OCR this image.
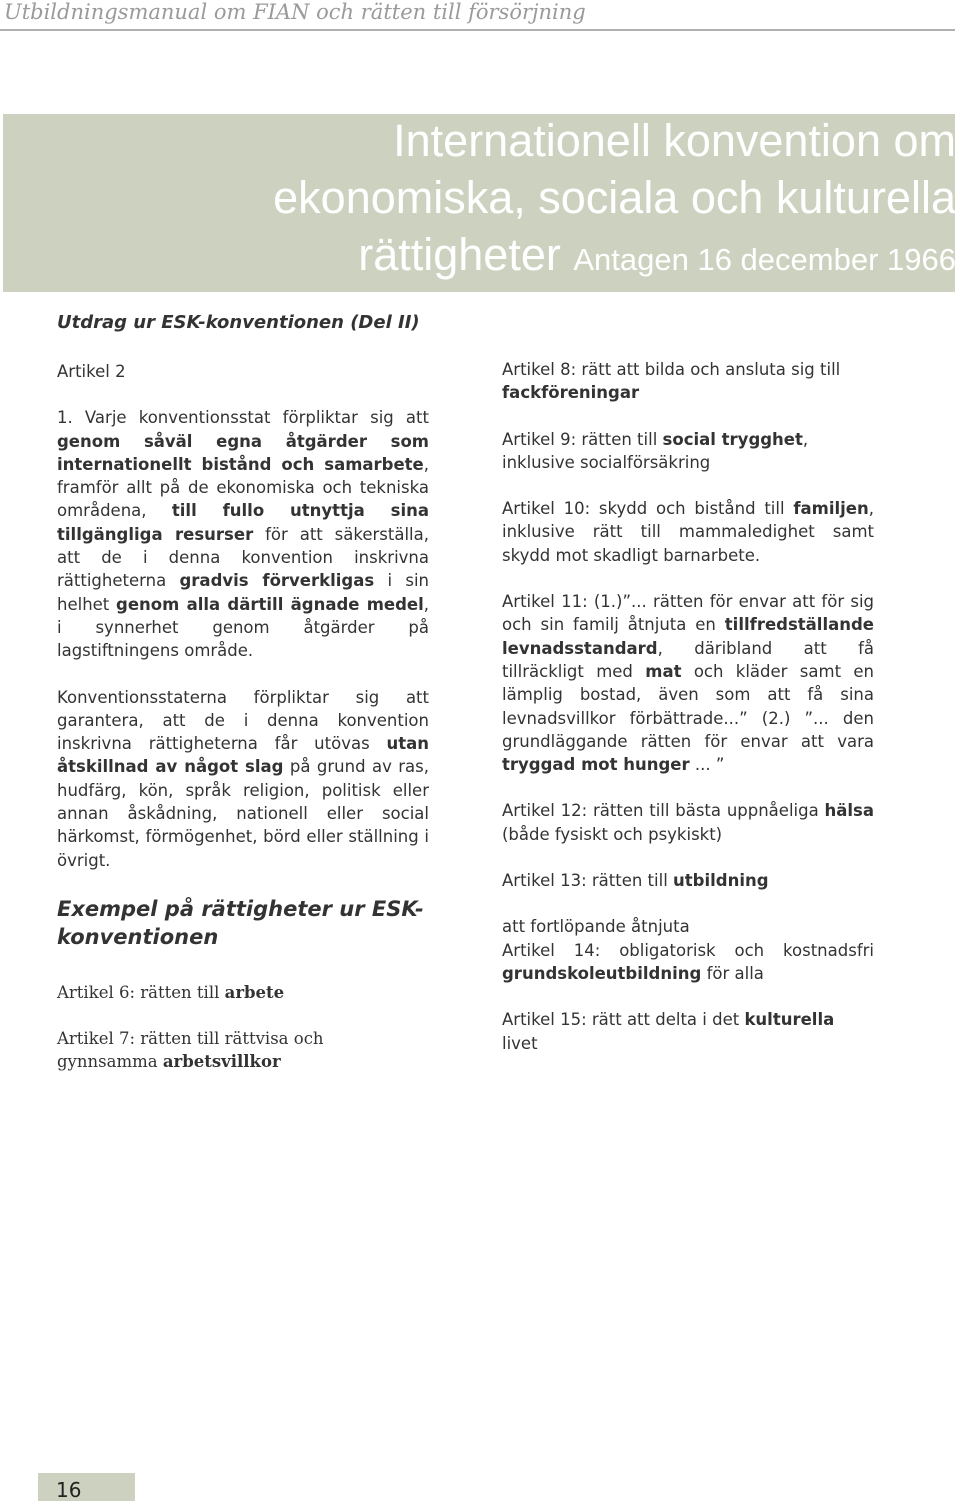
Utbildningsmanual om FIAN och rätten till försörjning
Internationell konvention om
ekonomiska, sociala och kulturella
rättigheter Antagen 16 december 1966
Utdrag ur ESK-konventionen (Del II)

Artikel 2

1. Varje konventionsstat förpliktar sig att genom såväl egna åtgärder som internationellt bistånd och samarbete, framför allt på de ekonomiska och tekniska områdena, till fullo utnyttja sina tillgängliga resurser för att säkerställa, att de i denna konvention inskrivna rättigheterna gradvis förverkligas i sin helhet genom alla därtill ägnade medel, i synnerhet genom åtgärder på lagstiftningens område.

Konventionsstaterna förpliktar sig att garantera, att de i denna konvention inskrivna rättigheterna får utövas utan åtskillnad av något slag på grund av ras, hudfärg, kön, språk religion, politisk eller annan åskådning, nationell eller social härkomst, förmögenhet, börd eller ställning i övrigt.

Exempel på rättigheter ur ESK-konventionen

Artikel 6: rätten till arbete

Artikel 7: rätten till rättvisa och gynnsamma arbetsvillkor

Artikel 8: rätt att bilda och ansluta sig till fackföreningar

Artikel 9: rätten till social trygghet, inklusive socialförsäkring

Artikel 10: skydd och bistånd till familjen, inklusive rätt till mammaledighet samt skydd mot skadligt barnarbete.

Artikel 11: (1.)”... rätten för envar att för sig och sin familj åtnjuta en tillfredställande levnadsstandard, däribland att få tillräckligt med mat och kläder samt en lämplig bostad, även som att få sina levnadsvillkor förbättrade...” (2.) ”... den grundläggande rätten för envar att vara tryggad mot hunger ... ”

Artikel 12: rätten till bästa uppnåeliga hälsa (både fysiskt och psykiskt)

Artikel 13: rätten till utbildning

att fortlöpande åtnjuta

Artikel 14: obligatorisk och kostnadsfri grundskoleutbildning för alla

Artikel 15: rätt att delta i det kulturella livet

16
